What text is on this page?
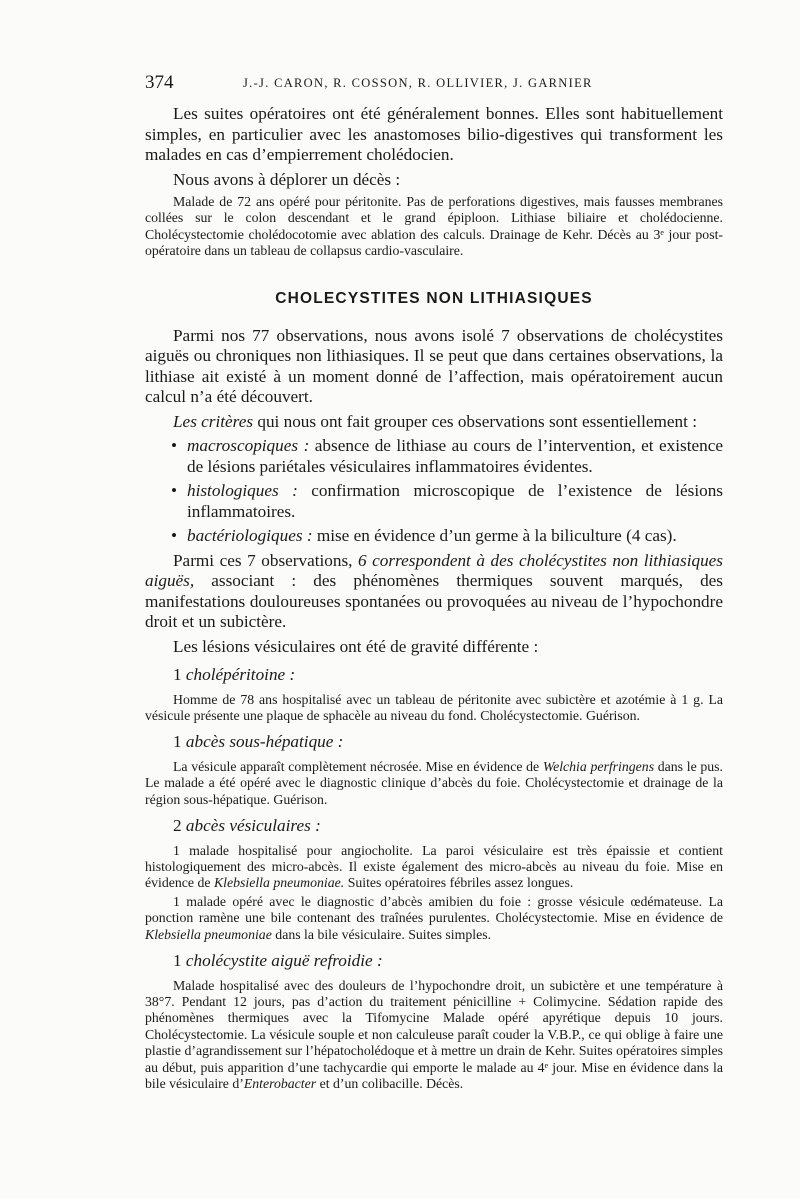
374	J.-J. CARON, R. COSSON, R. OLLIVIER, J. GARNIER

Les suites opératoires ont été généralement bonnes. Elles sont habituellement simples, en particulier avec les anastomoses bilio-digestives qui transforment les malades en cas d’empierrement cholédocien.

Nous avons à déplorer un décès :

Malade de 72 ans opéré pour péritonite. Pas de perforations digestives, mais fausses membranes collées sur le colon descendant et le grand épiploon. Lithiase biliaire et cholédocienne. Cholécystectomie cholédocotomie avec ablation des calculs. Drainage de Kehr. Décès au 3ᵉ jour post-opératoire dans un tableau de collapsus cardio-vasculaire.

CHOLECYSTITES NON LITHIASIQUES

Parmi nos 77 observations, nous avons isolé 7 observations de cholécystites aiguës ou chroniques non lithiasiques. Il se peut que dans certaines observations, la lithiase ait existé à un moment donné de l’affection, mais opératoirement aucun calcul n’a été découvert.

Les critères qui nous ont fait grouper ces observations sont essentiellement :

• macroscopiques : absence de lithiase au cours de l’intervention, et existence de lésions pariétales vésiculaires inflammatoires évidentes.
• histologiques : confirmation microscopique de l’existence de lésions inflammatoires.
• bactériologiques : mise en évidence d’un germe à la biliculture (4 cas).

Parmi ces 7 observations, 6 correspondent à des cholécystites non lithiasiques aiguës, associant : des phénomènes thermiques souvent marqués, des manifestations douloureuses spontanées ou provoquées au niveau de l’hypochondre droit et un subictère.

Les lésions vésiculaires ont été de gravité différente :

1 cholépéritoine :

Homme de 78 ans hospitalisé avec un tableau de péritonite avec subictère et azotémie à 1 g. La vésicule présente une plaque de sphacèle au niveau du fond. Cholécystectomie. Guérison.

1 abcès sous-hépatique :

La vésicule apparaît complètement nécrosée. Mise en évidence de Welchia perfringens dans le pus. Le malade a été opéré avec le diagnostic clinique d’abcès du foie. Cholécystectomie et drainage de la région sous-hépatique. Guérison.

2 abcès vésiculaires :

1 malade hospitalisé pour angiocholite. La paroi vésiculaire est très épaissie et contient histologiquement des micro-abcès. Il existe également des micro-abcès au niveau du foie. Mise en évidence de Klebsiella pneumoniae. Suites opératoires fébriles assez longues.

1 malade opéré avec le diagnostic d’abcès amibien du foie : grosse vésicule œdémateuse. La ponction ramène une bile contenant des traînées purulentes. Cholécystectomie. Mise en évidence de Klebsiella pneumoniae dans la bile vésiculaire. Suites simples.

1 cholécystite aiguë refroidie :

Malade hospitalisé avec des douleurs de l’hypochondre droit, un subictère et une température à 38°7. Pendant 12 jours, pas d’action du traitement pénicilline + Colimycine. Sédation rapide des phénomènes thermiques avec la Tifomycine Malade opéré apyrétique depuis 10 jours. Cholécystectomie. La vésicule souple et non calculeuse paraît couder la V.B.P., ce qui oblige à faire une plastie d’agrandissement sur l’hépatocholédoque et à mettre un drain de Kehr. Suites opératoires simples au début, puis apparition d’une tachycardie qui emporte le malade au 4ᵉ jour. Mise en évidence dans la bile vésiculaire d’Enterobacter et d’un colibacille. Décès.
